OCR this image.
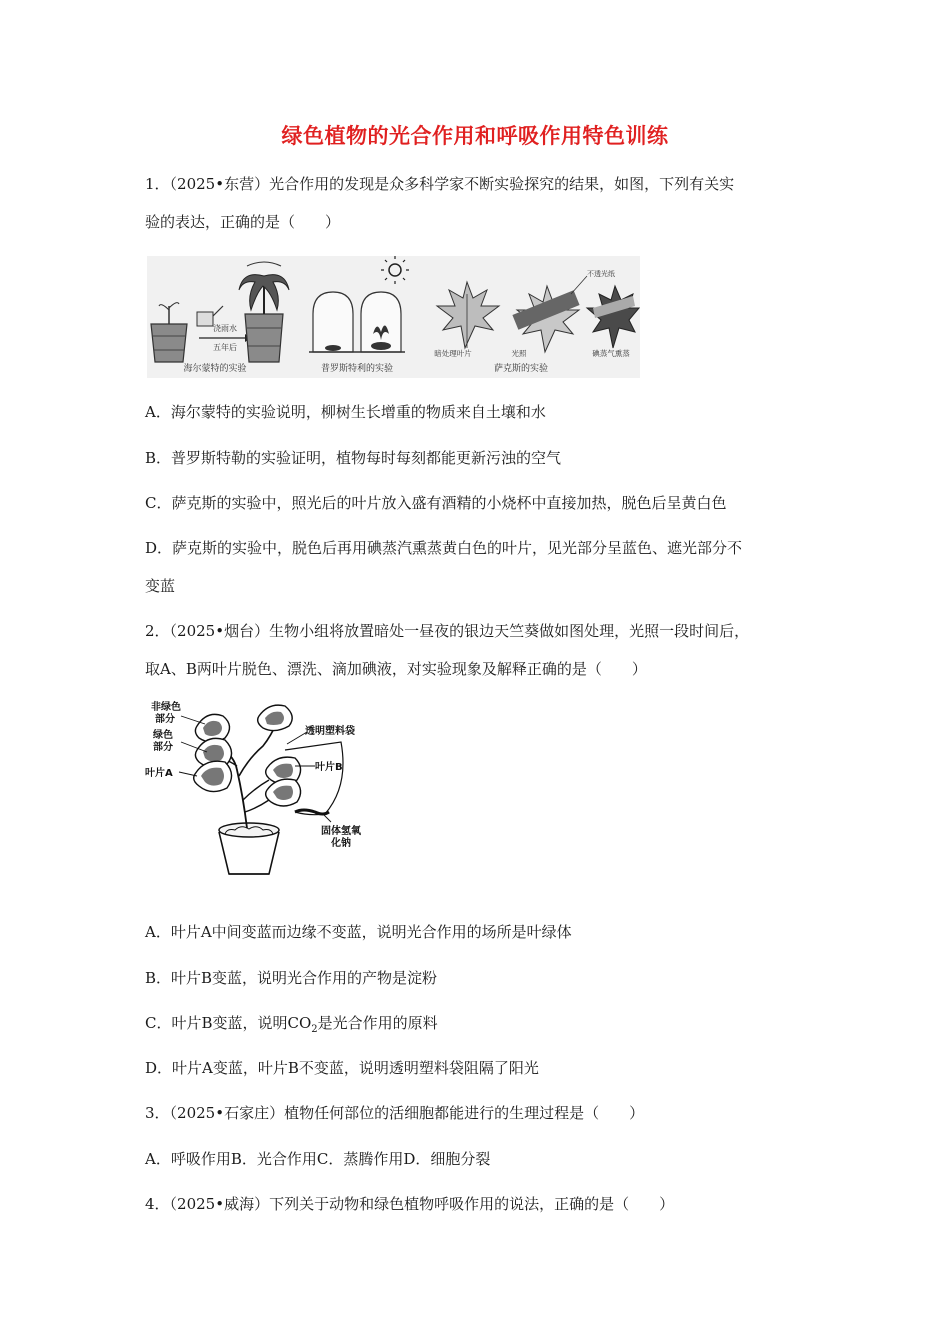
绿色植物的光合作用和呼吸作用特色训练
1．（2025•东营）光合作用的发现是众多科学家不断实验探究的结果，如图，下列有关实
验的表达，正确的是（　　）
浇雨水
五年后
海尔蒙特的实验	普罗斯特利的实验
不透光纸
暗处理叶片	光照	碘蒸气熏蒸
萨克斯的实验
A．海尔蒙特的实验说明，柳树生长增重的物质来自土壤和水
B．普罗斯特勒的实验证明，植物每时每刻都能更新污浊的空气
C．萨克斯的实验中，照光后的叶片放入盛有酒精的小烧杯中直接加热，脱色后呈黄白色
D．萨克斯的实验中，脱色后再用碘蒸汽熏蒸黄白色的叶片，见光部分呈蓝色、遮光部分不
变蓝
2．（2025•烟台）生物小组将放置暗处一昼夜的银边天竺葵做如图处理，光照一段时间后，
取A、B两叶片脱色、漂洗、滴加碘液，对实验现象及解释正确的是（　　）
非绿色
部分
绿色
部分
叶片A
透明塑料袋
叶片B
固体氢氧
化钠
A．叶片A中间变蓝而边缘不变蓝，说明光合作用的场所是叶绿体
B．叶片B变蓝，说明光合作用的产物是淀粉
C．叶片B变蓝，说明$CO_2$是光合作用的原料
D．叶片A变蓝，叶片B不变蓝，说明透明塑料袋阻隔了阳光
3．（2025•石家庄）植物任何部位的活细胞都能进行的生理过程是（　　）
A．呼吸作用B．光合作用C．蒸腾作用D．细胞分裂
4．（2025•威海）下列关于动物和绿色植物呼吸作用的说法，正确的是（　　）
